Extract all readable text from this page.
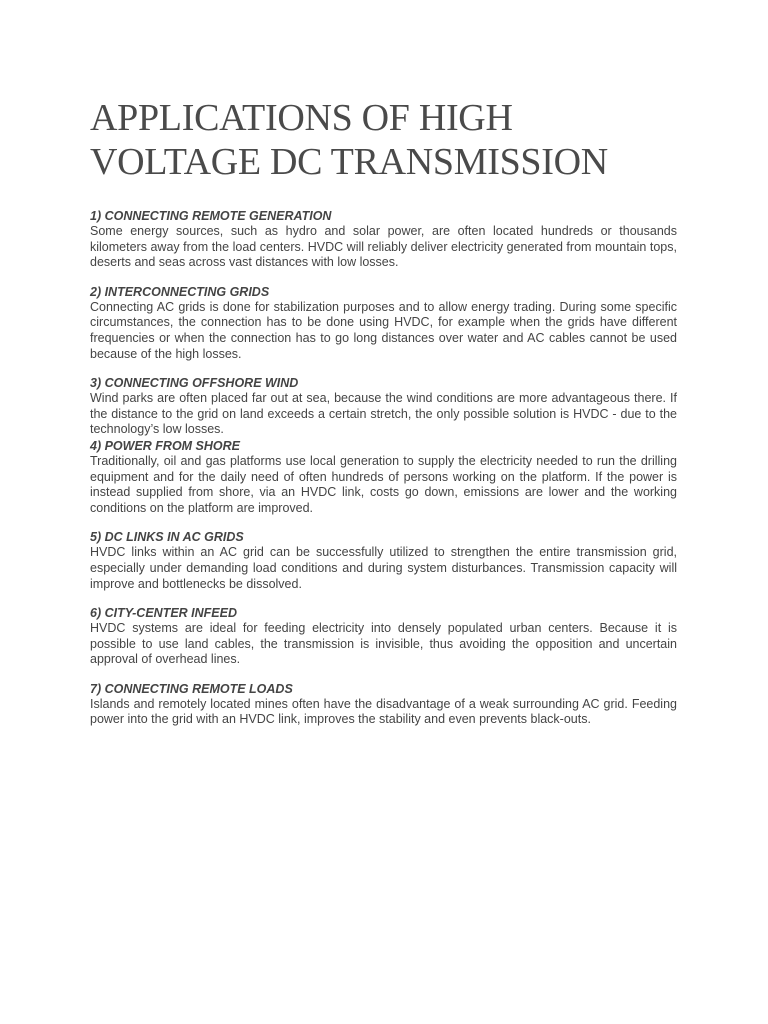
APPLICATIONS OF HIGH VOLTAGE DC TRANSMISSION

1) CONNECTING REMOTE GENERATION

Some energy sources, such as hydro and solar power, are often located hundreds or thousands kilometers away from the load centers. HVDC will reliably deliver electricity generated from mountain tops, deserts and seas across vast distances with low losses.

2) INTERCONNECTING GRIDS

Connecting AC grids is done for stabilization purposes and to allow energy trading. During some specific circumstances, the connection has to be done using HVDC, for example when the grids have different frequencies or when the connection has to go long distances over water and AC cables cannot be used because of the high losses.

3) CONNECTING OFFSHORE WIND

Wind parks are often placed far out at sea, because the wind conditions are more advantageous there. If the distance to the grid on land exceeds a certain stretch, the only possible solution is HVDC - due to the technology’s low losses.

4) POWER FROM SHORE

Traditionally, oil and gas platforms use local generation to supply the electricity needed to run the drilling equipment and for the daily need of often hundreds of persons working on the platform. If the power is instead supplied from shore, via an HVDC link, costs go down, emissions are lower and the working conditions on the platform are improved.

5) DC LINKS IN AC GRIDS

HVDC links within an AC grid can be successfully utilized to strengthen the entire transmission grid, especially under demanding load conditions and during system disturbances. Transmission capacity will improve and bottlenecks be dissolved.

6) CITY-CENTER INFEED

HVDC systems are ideal for feeding electricity into densely populated urban centers. Because it is possible to use land cables, the transmission is invisible, thus avoiding the opposition and uncertain approval of overhead lines.

7) CONNECTING REMOTE LOADS

Islands and remotely located mines often have the disadvantage of a weak surrounding AC grid. Feeding power into the grid with an HVDC link, improves the stability and even prevents black-outs.
